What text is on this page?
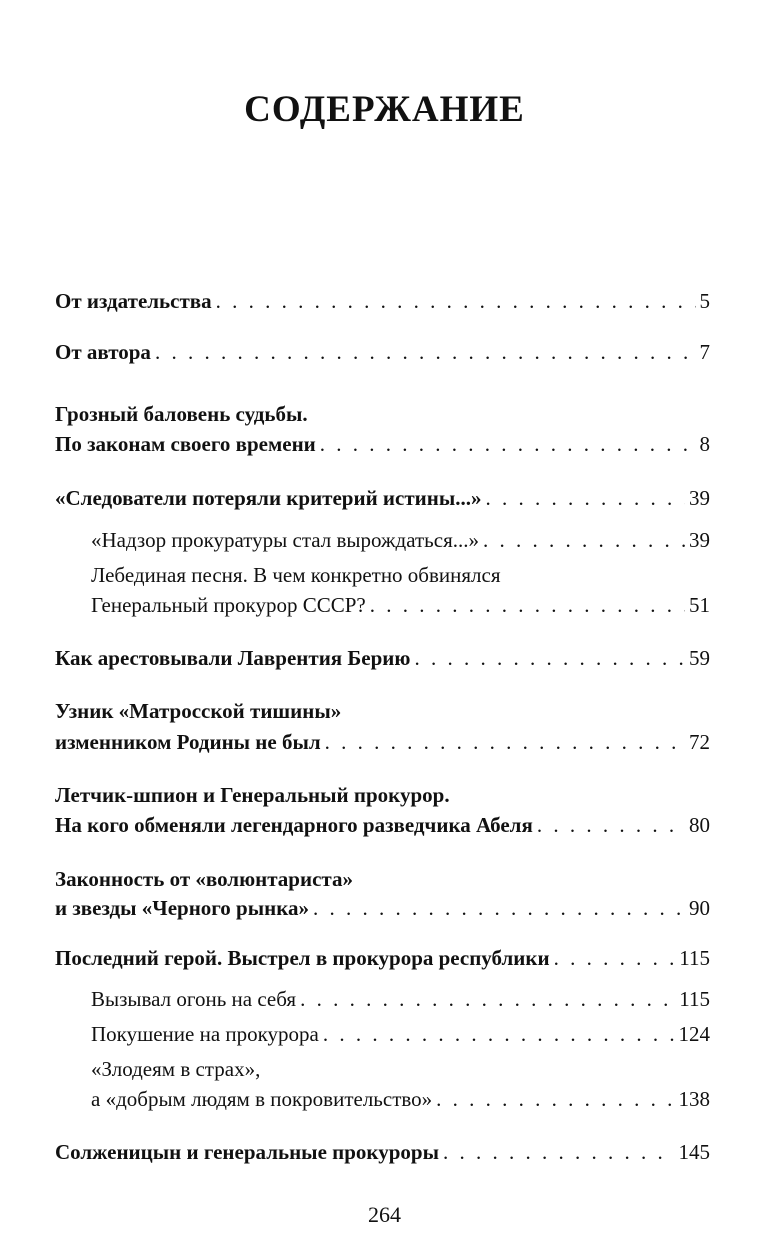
СОДЕРЖАНИЕ
От издательства . . .	5
От автора . . .	7
Грозный баловень судьбы.
По законам своего времени . . .	8
«Следователи потеряли критерий истины...» . . .	39
«Надзор прокуратуры стал вырождаться...» . . .	39
Лебединая песня. В чем конкретно обвинялся
Генеральный прокурор СССР? . . .	51
Как арестовывали Лаврентия Берию . . .	59
Узник «Матросской тишины»
изменником Родины не был . . .	72
Летчик-шпион и Генеральный прокурор.
На кого обменяли легендарного разведчика Абеля . . .	80
Законность от «волюнтариста»
и звезды «Черного рынка» . . .	90
Последний герой. Выстрел в прокурора республики . . .	115
Вызывал огонь на себя . . .	115
Покушение на прокурора . . .	124
«Злодеям в страх»,
а «добрым людям в покровительство» . . .	138
Солженицын и генеральные прокуроры . . .	145
264
